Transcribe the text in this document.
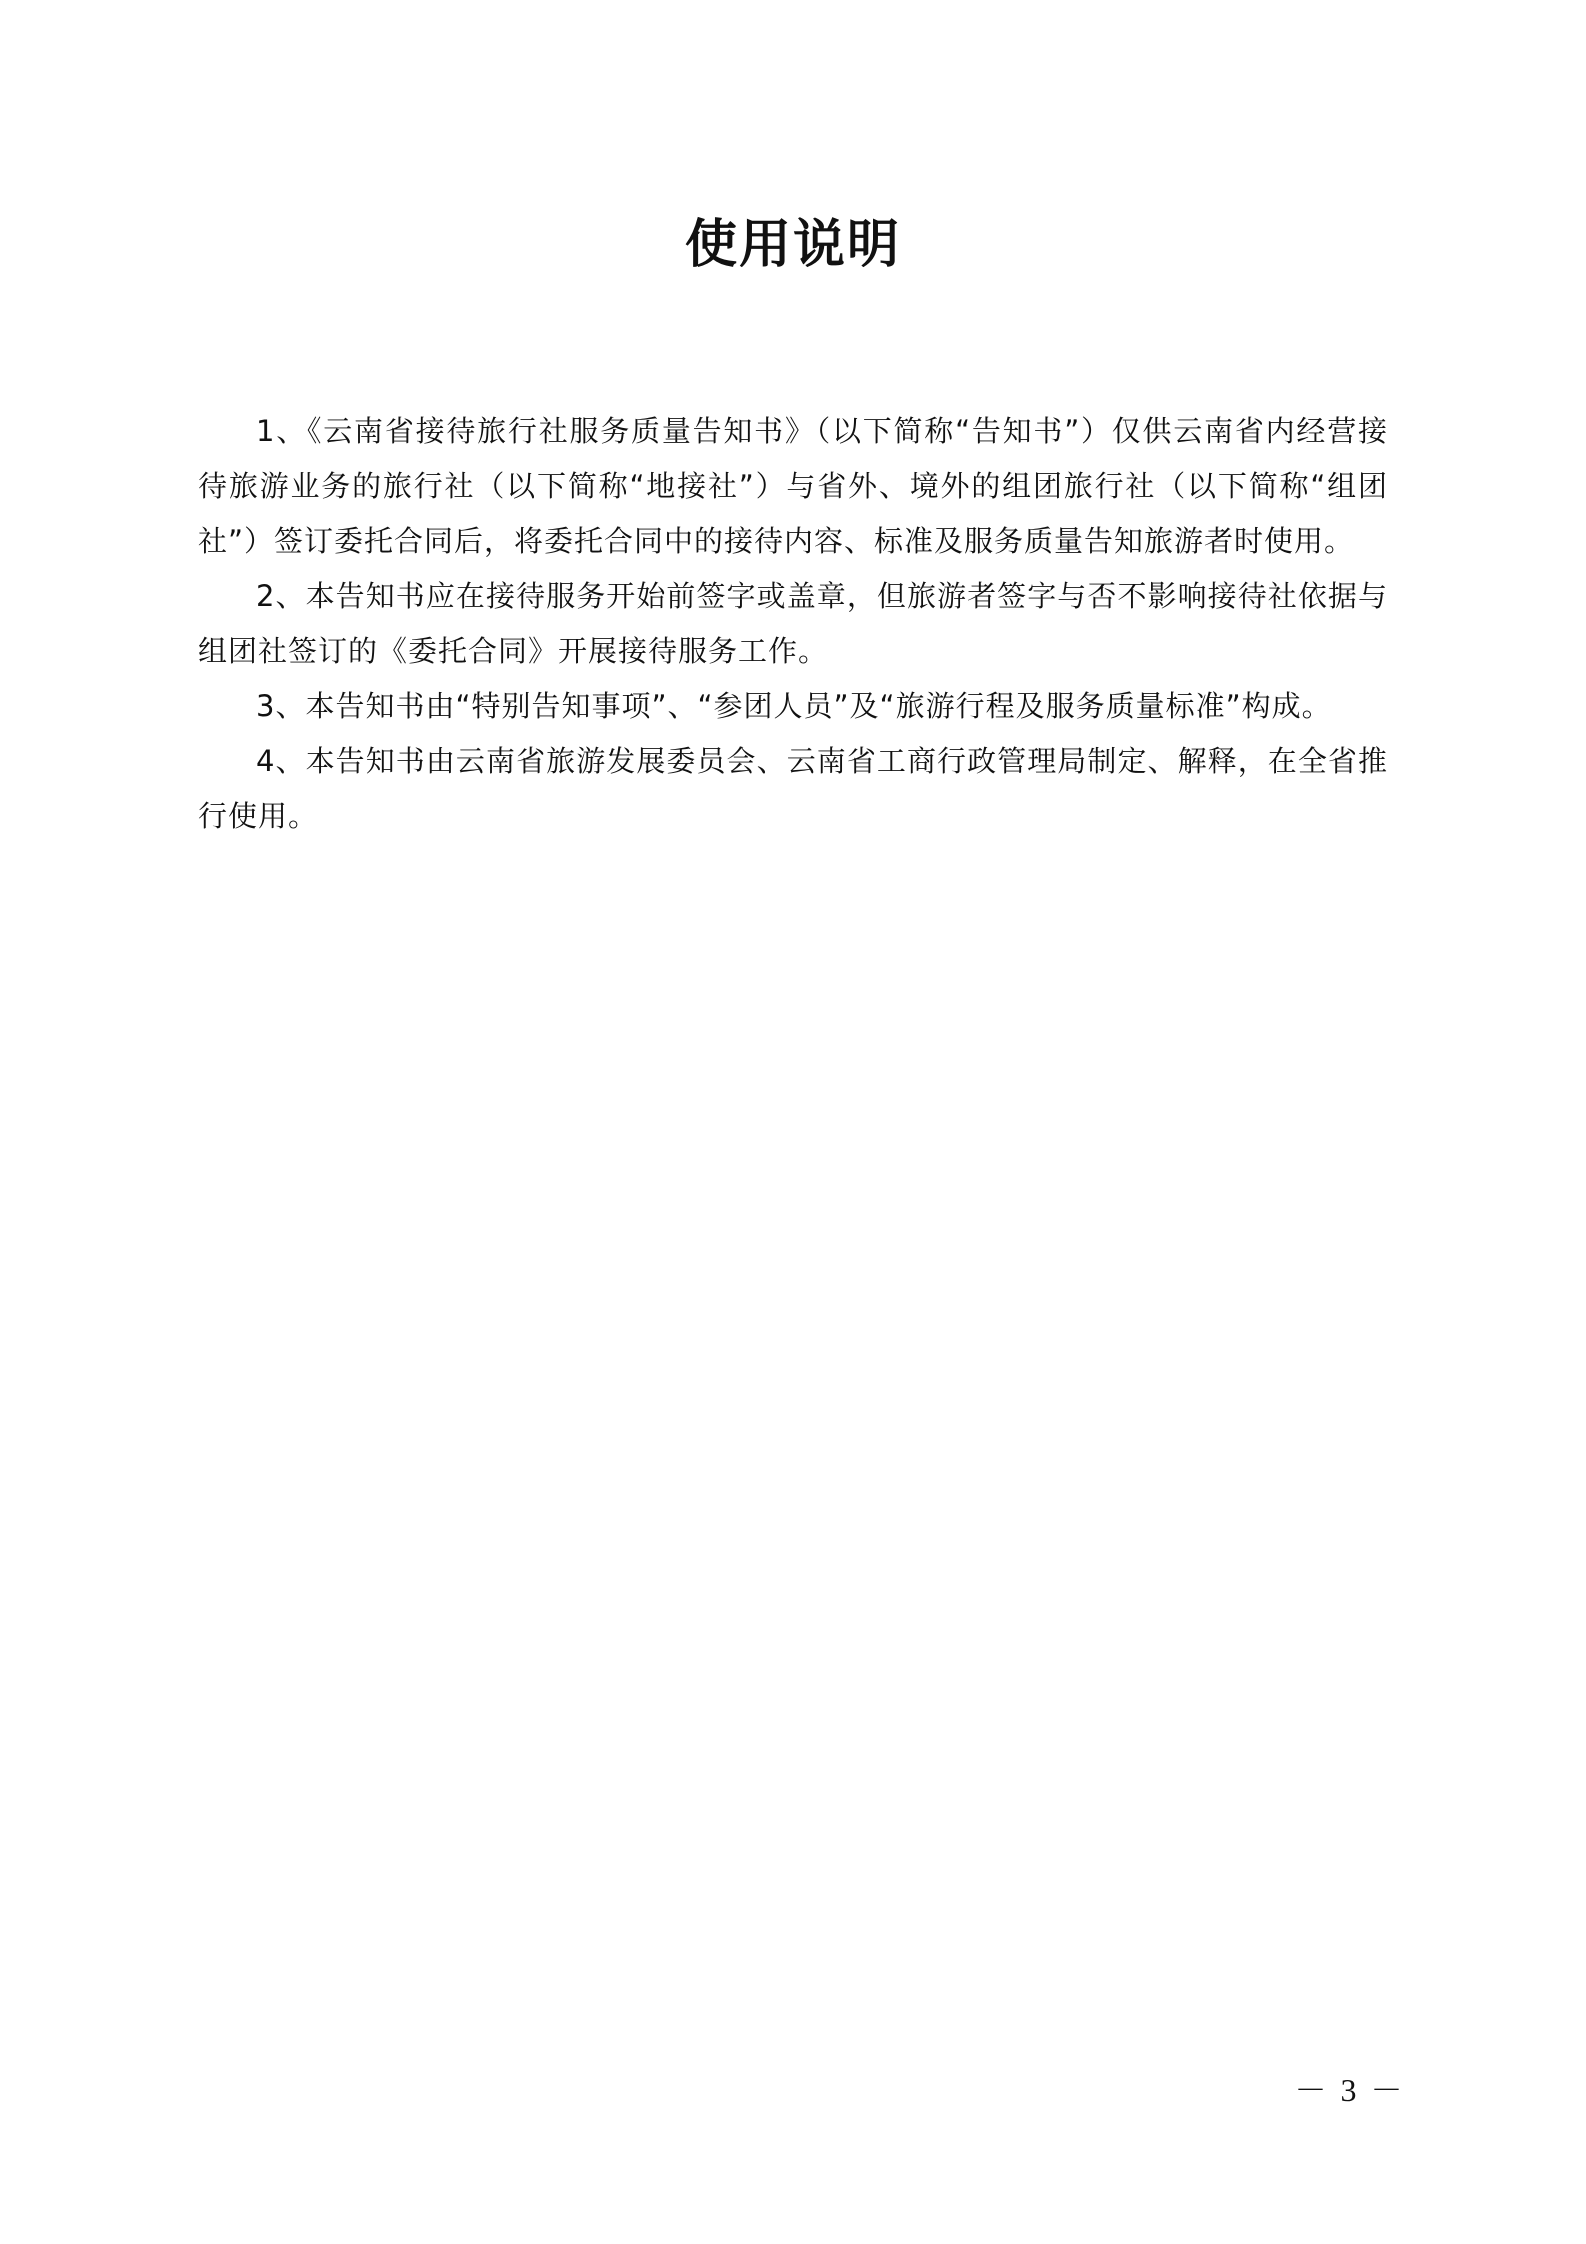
使用说明

1、《云南省接待旅行社服务质量告知书》（以下简称“告知书”）仅供云南省内经营接待旅游业务的旅行社（以下简称“地接社”）与省外、境外的组团旅行社（以下简称“组团社”）签订委托合同后，将委托合同中的接待内容、标准及服务质量告知旅游者时使用。

2、本告知书应在接待服务开始前签字或盖章，但旅游者签字与否不影响接待社依据与组团社签订的《委托合同》开展接待服务工作。

3、本告知书由“特别告知事项”、“参团人员”及“旅游行程及服务质量标准”构成。

4、本告知书由云南省旅游发展委员会、云南省工商行政管理局制定、解释，在全省推行使用。

－ 3 －
